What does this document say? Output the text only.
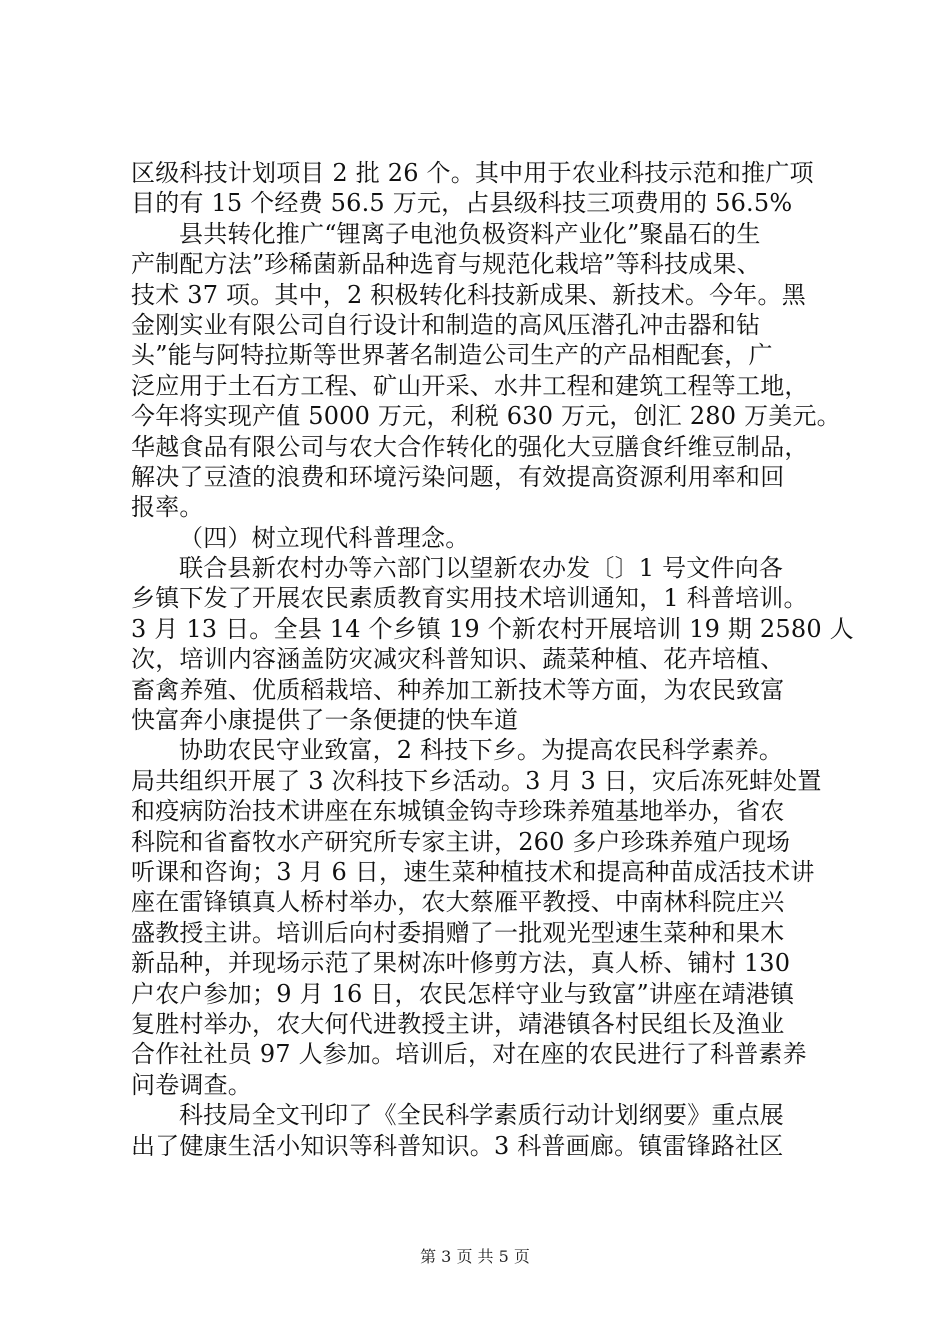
区级科技计划项目 2 批 26 个。其中用于农业科技示范和推广项
目的有 15 个经费 56.5 万元，占县级科技三项费用的 56.5%
县共转化推广“锂离子电池负极资料产业化”聚晶石的生
产制配方法”珍稀菌新品种选育与规范化栽培”等科技成果、
技术 37 项。其中，2 积极转化科技新成果、新技术。今年。黑
金刚实业有限公司自行设计和制造的高风压潜孔冲击器和钻
头”能与阿特拉斯等世界著名制造公司生产的产品相配套，广
泛应用于土石方工程、矿山开采、水井工程和建筑工程等工地，
今年将实现产值 5000 万元，利税 630 万元，创汇 280 万美元。
华越食品有限公司与农大合作转化的强化大豆膳食纤维豆制品，
解决了豆渣的浪费和环境污染问题，有效提高资源利用率和回
报率。
（四）树立现代科普理念。
联合县新农村办等六部门以望新农办发〔〕1 号文件向各
乡镇下发了开展农民素质教育实用技术培训通知，1 科普培训。
3 月 13 日。全县 14 个乡镇 19 个新农村开展培训 19 期 2580 人
次，培训内容涵盖防灾减灾科普知识、蔬菜种植、花卉培植、
畜禽养殖、优质稻栽培、种养加工新技术等方面，为农民致富
快富奔小康提供了一条便捷的快车道
协助农民守业致富，2 科技下乡。为提高农民科学素养。
局共组织开展了 3 次科技下乡活动。3 月 3 日，灾后冻死蚌处置
和疫病防治技术讲座在东城镇金钩寺珍珠养殖基地举办，省农
科院和省畜牧水产研究所专家主讲，260 多户珍珠养殖户现场
听课和咨询；3 月 6 日，速生菜种植技术和提高种苗成活技术讲
座在雷锋镇真人桥村举办，农大蔡雁平教授、中南林科院庄兴
盛教授主讲。培训后向村委捐赠了一批观光型速生菜种和果木
新品种，并现场示范了果树冻叶修剪方法，真人桥、铺村 130
户农户参加；9 月 16 日，农民怎样守业与致富”讲座在靖港镇
复胜村举办，农大何代进教授主讲，靖港镇各村民组长及渔业
合作社社员 97 人参加。培训后，对在座的农民进行了科普素养
问卷调查。
科技局全文刊印了《全民科学素质行动计划纲要》重点展
出了健康生活小知识等科普知识。3 科普画廊。镇雷锋路社区
第 3 页 共 5 页
